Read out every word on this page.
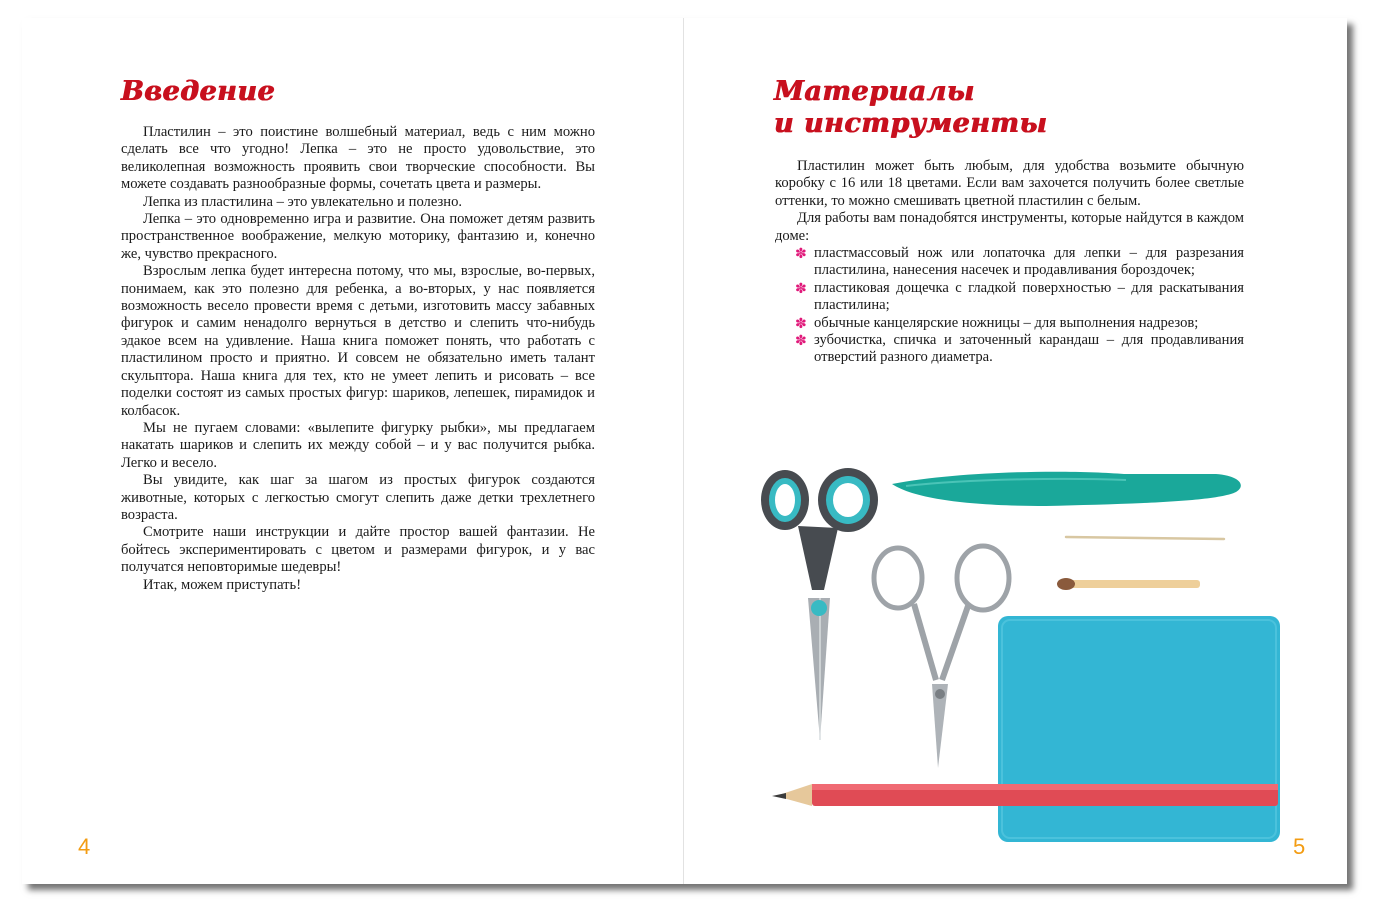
Введение

Пластилин – это поистине волшебный материал, ведь с ним можно сделать все что угодно! Лепка – это не просто удовольствие, это великолепная возможность проявить свои творческие способности. Вы можете создавать разнообразные формы, сочетать цвета и размеры.

Лепка из пластилина – это увлекательно и полезно.

Лепка – это одновременно игра и развитие. Она поможет детям развить пространственное воображение, мелкую моторику, фантазию и, конечно же, чувство прекрасного.

Взрослым лепка будет интересна потому, что мы, взрослые, во-первых, понимаем, как это полезно для ребенка, а во-вторых, у нас появляется возможность весело провести время с детьми, изготовить массу забавных фигурок и самим ненадолго вернуться в детство и слепить что-нибудь эдакое всем на удивление. Наша книга поможет понять, что работать с пластилином просто и приятно. И совсем не обязательно иметь талант скульптора. Наша книга для тех, кто не умеет лепить и рисовать – все поделки состоят из самых простых фигур: шариков, лепешек, пирамидок и колбасок.

Мы не пугаем словами: «вылепите фигурку рыбки», мы предлагаем накатать шариков и слепить их между собой – и у вас получится рыбка. Легко и весело.

Вы увидите, как шаг за шагом из простых фигурок создаются животные, которых с легкостью смогут слепить даже детки трехлетнего возраста.

Смотрите наши инструкции и дайте простор вашей фантазии. Не бойтесь экспериментировать с цветом и размерами фигурок, и у вас получатся неповторимые шедевры!

Итак, можем приступать!

4
Материалы
и инструменты

Пластилин может быть любым, для удобства возьмите обычную коробку с 16 или 18 цветами. Если вам захочется получить более светлые оттенки, то можно смешивать цветной пластилин с белым.

Для работы вам понадобятся инструменты, которые найдутся в каждом доме:

✽ пластмассовый нож или лопаточка для лепки – для разрезания пластилина, нанесения насечек и продавливания бороздочек;
✽ пластиковая дощечка с гладкой поверхностью – для раскатывания пластилина;
✽ обычные канцелярские ножницы – для выполнения надрезов;
✽ зубочистка, спичка и заточенный карандаш – для продавливания отверстий разного диаметра.
5
